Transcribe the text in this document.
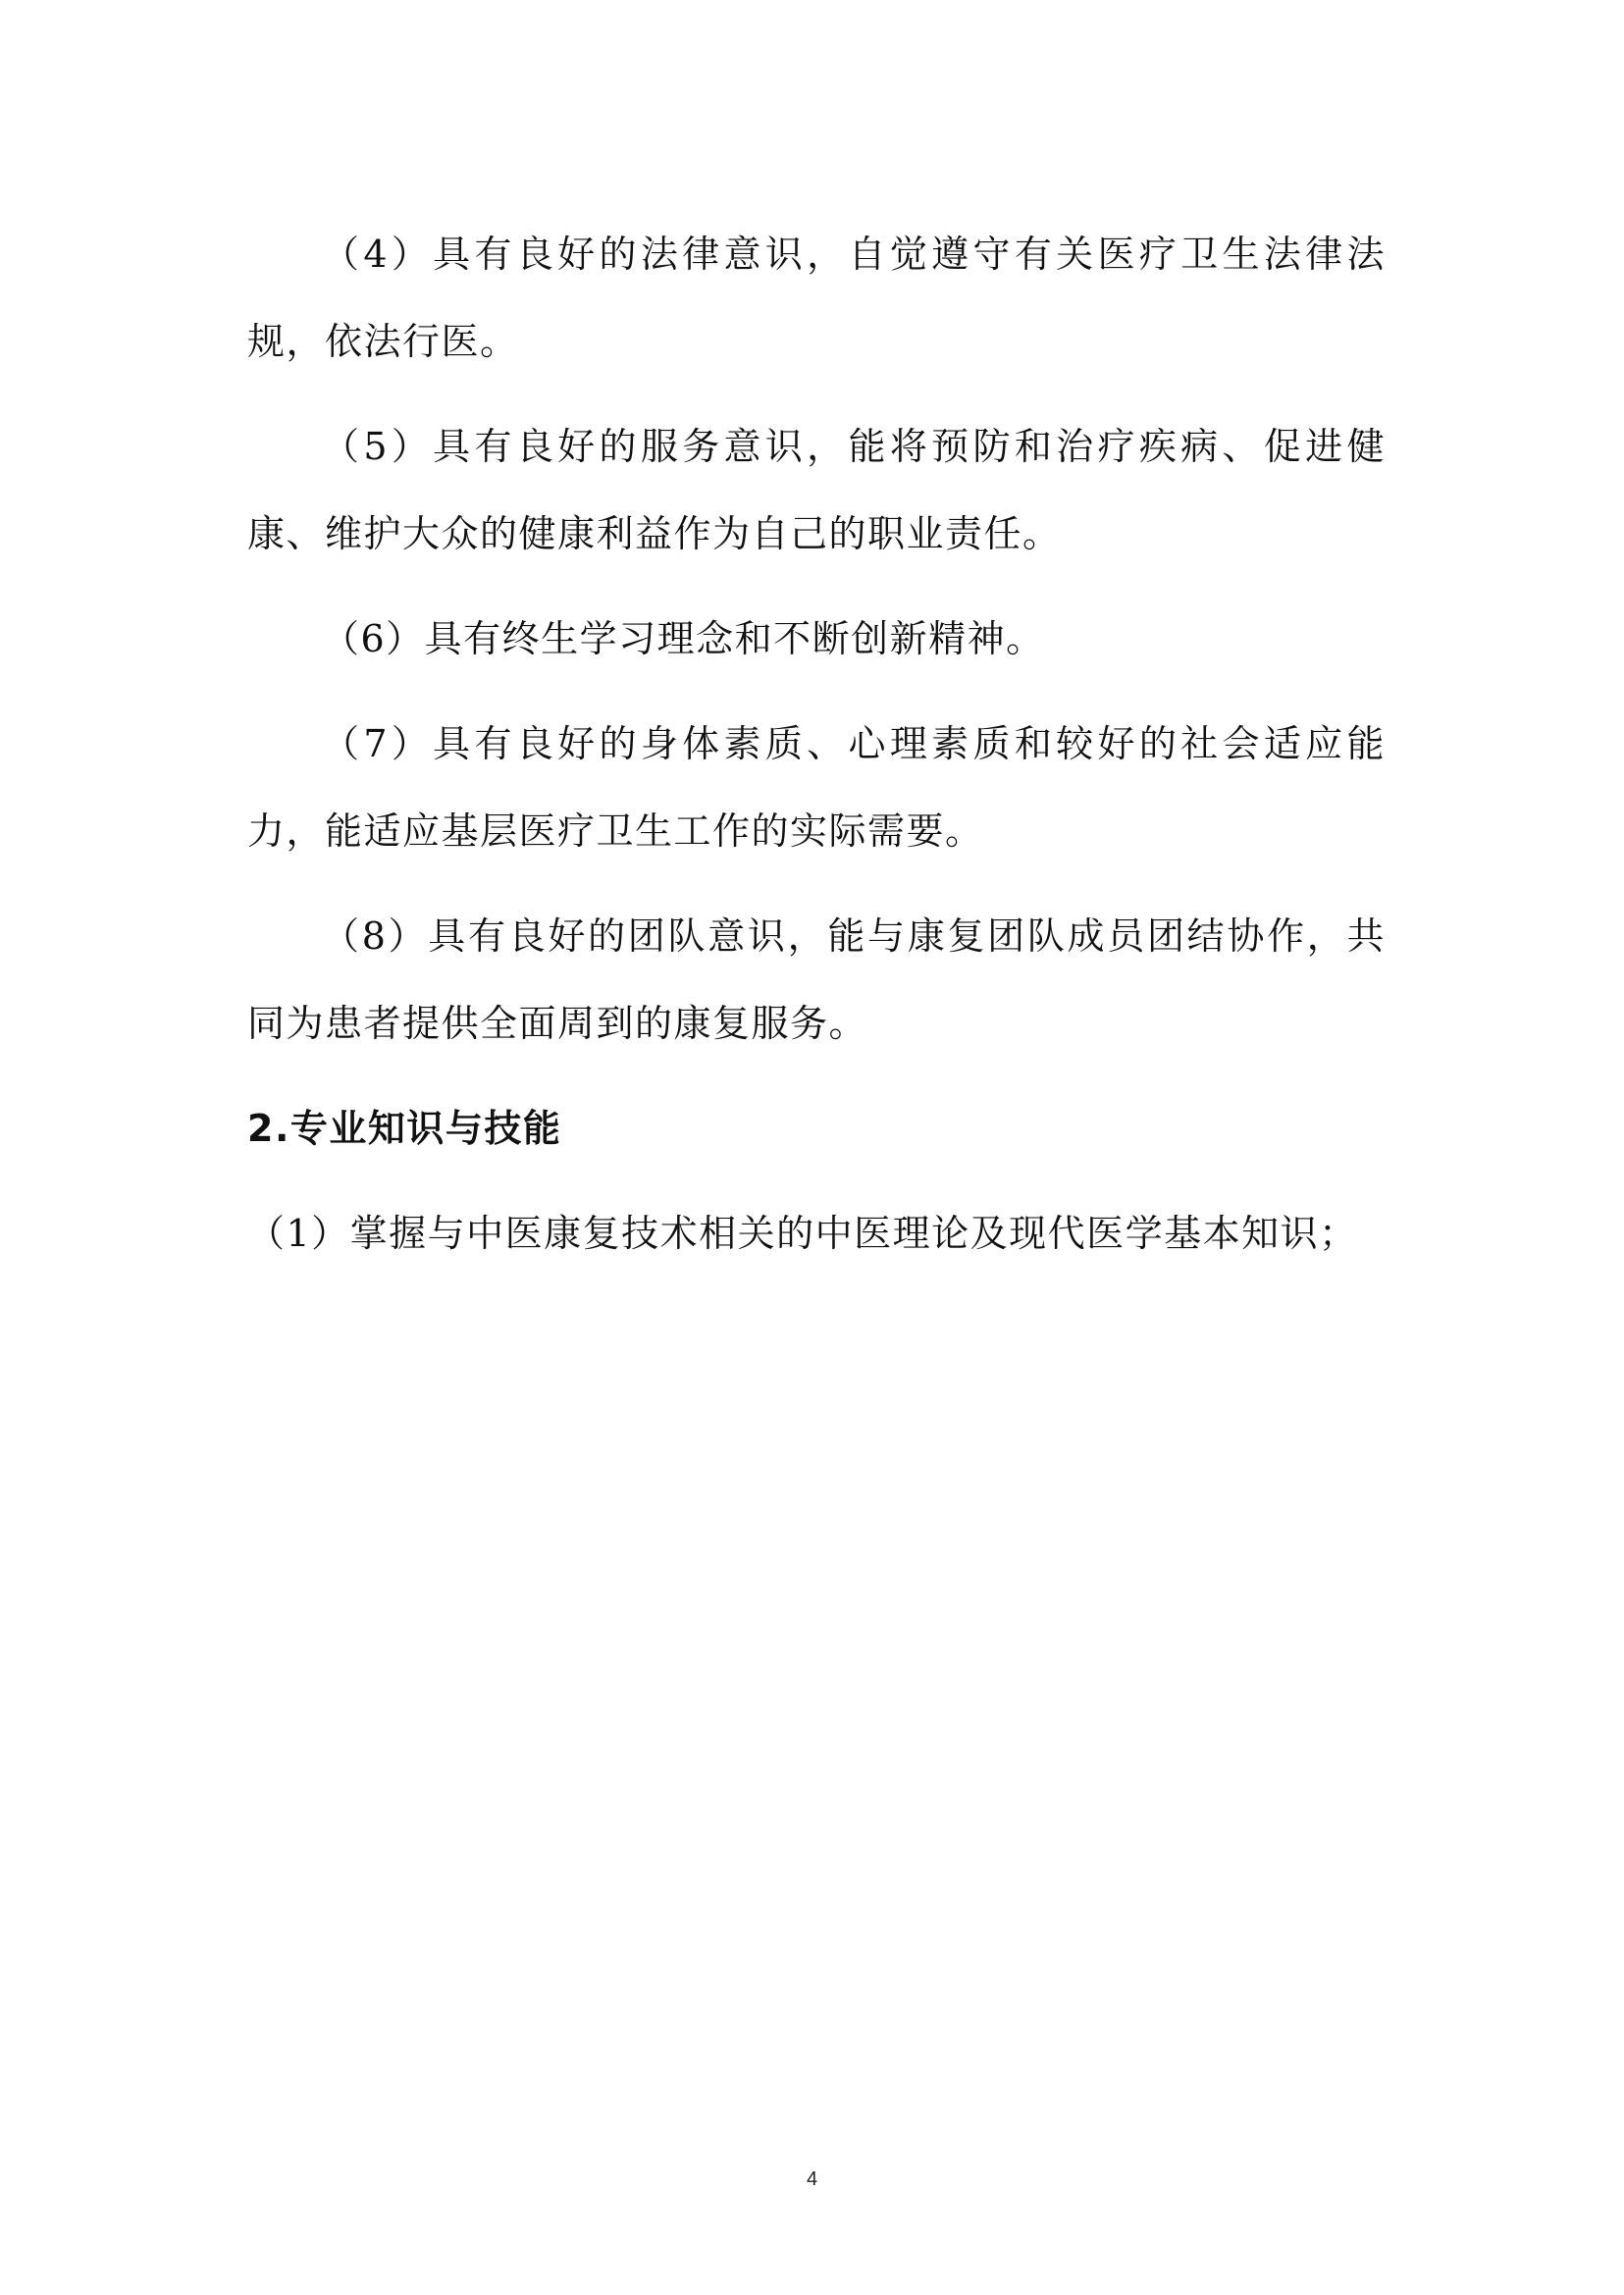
（4）具有良好的法律意识，自觉遵守有关医疗卫生法律法规，依法行医。

（5）具有良好的服务意识，能将预防和治疗疾病、促进健康、维护大众的健康利益作为自己的职业责任。

（6）具有终生学习理念和不断创新精神。

（7）具有良好的身体素质、心理素质和较好的社会适应能力，能适应基层医疗卫生工作的实际需要。

（8）具有良好的团队意识，能与康复团队成员团结协作，共同为患者提供全面周到的康复服务。

2.专业知识与技能

（1）掌握与中医康复技术相关的中医理论及现代医学基本知识；

4
